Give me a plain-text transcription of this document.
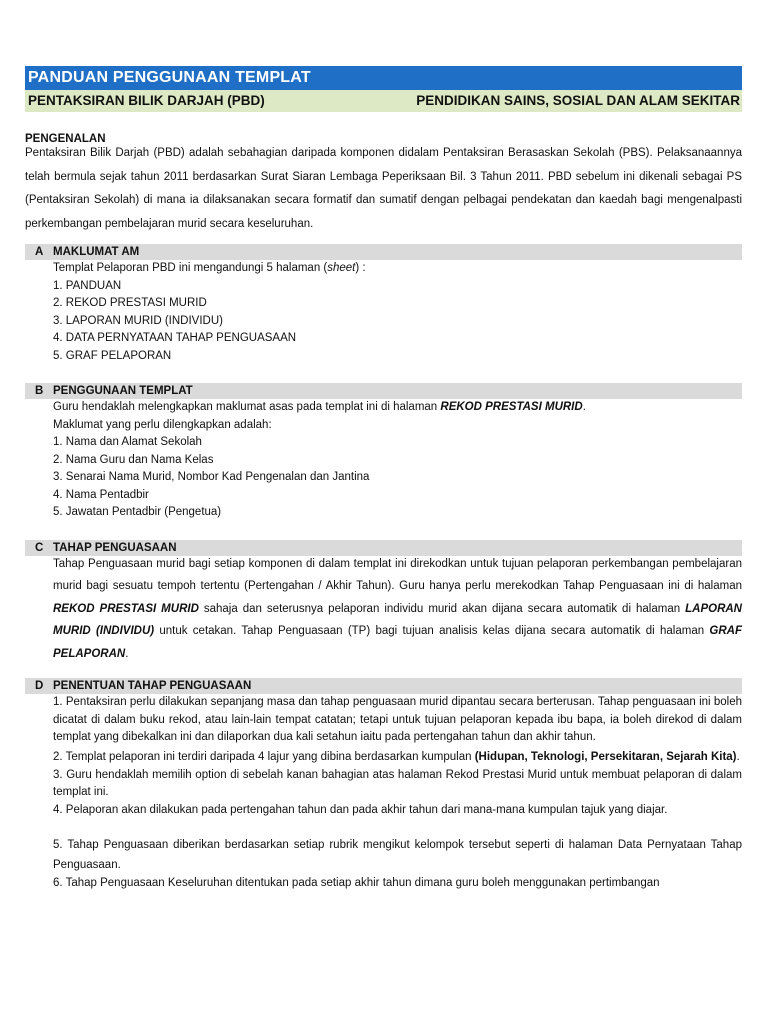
PANDUAN PENGGUNAAN TEMPLAT
PENTAKSIRAN BILIK DARJAH (PBD)	PENDIDIKAN SAINS, SOSIAL DAN ALAM SEKITAR
PENGENALAN

Pentaksiran Bilik Darjah (PBD) adalah sebahagian daripada komponen didalam Pentaksiran Berasaskan Sekolah (PBS). Pelaksanaannya telah bermula sejak tahun 2011 berdasarkan Surat Siaran Lembaga Peperiksaan Bil. 3 Tahun 2011. PBD sebelum ini dikenali sebagai PS (Pentaksiran Sekolah) di mana ia dilaksanakan secara formatif dan sumatif dengan pelbagai pendekatan dan kaedah bagi mengenalpasti perkembangan pembelajaran murid secara keseluruhan.

A MAKLUMAT AM
Templat Pelaporan PBD ini mengandungi 5 halaman (sheet) :
1. PANDUAN
2. REKOD PRESTASI MURID
3. LAPORAN MURID (INDIVIDU)
4. DATA PERNYATAAN TAHAP PENGUASAAN
5. GRAF PELAPORAN
B PENGGUNAAN TEMPLAT
Guru hendaklah melengkapkan maklumat asas pada templat ini di halaman REKOD PRESTASI MURID.
Maklumat yang perlu dilengkapkan adalah:
1. Nama dan Alamat Sekolah
2. Nama Guru dan Nama Kelas
3. Senarai Nama Murid, Nombor Kad Pengenalan dan Jantina
4. Nama Pentadbir
5. Jawatan Pentadbir (Pengetua)
C TAHAP PENGUASAAN

Tahap Penguasaan murid bagi setiap komponen di dalam templat ini direkodkan untuk tujuan pelaporan perkembangan pembelajaran murid bagi sesuatu tempoh tertentu (Pertengahan / Akhir Tahun). Guru hanya perlu merekodkan Tahap Penguasaan ini di halaman REKOD PRESTASI MURID sahaja dan seterusnya pelaporan individu murid akan dijana secara automatik di halaman LAPORAN MURID (INDIVIDU) untuk cetakan. Tahap Penguasaan (TP) bagi tujuan analisis kelas dijana secara automatik di halaman GRAF PELAPORAN.

D PENENTUAN TAHAP PENGUASAAN

1. Pentaksiran perlu dilakukan sepanjang masa dan tahap penguasaan murid dipantau secara berterusan. Tahap penguasaan ini boleh dicatat di dalam buku rekod, atau lain-lain tempat catatan; tetapi untuk tujuan pelaporan kepada ibu bapa, ia boleh direkod di dalam templat yang dibekalkan ini dan dilaporkan dua kali setahun iaitu pada pertengahan tahun dan akhir tahun.

2. Templat pelaporan ini terdiri daripada 4 lajur yang dibina berdasarkan kumpulan (Hidupan, Teknologi, Persekitaran, Sejarah Kita).

3. Guru hendaklah memilih option di sebelah kanan bahagian atas halaman Rekod Prestasi Murid untuk membuat pelaporan di dalam templat ini.

4. Pelaporan akan dilakukan pada pertengahan tahun dan pada akhir tahun dari mana-mana kumpulan tajuk yang diajar.

5. Tahap Penguasaan diberikan berdasarkan setiap rubrik mengikut kelompok tersebut seperti di halaman Data Pernyataan Tahap Penguasaan.

6. Tahap Penguasaan Keseluruhan ditentukan pada setiap akhir tahun dimana guru boleh menggunakan pertimbangan
